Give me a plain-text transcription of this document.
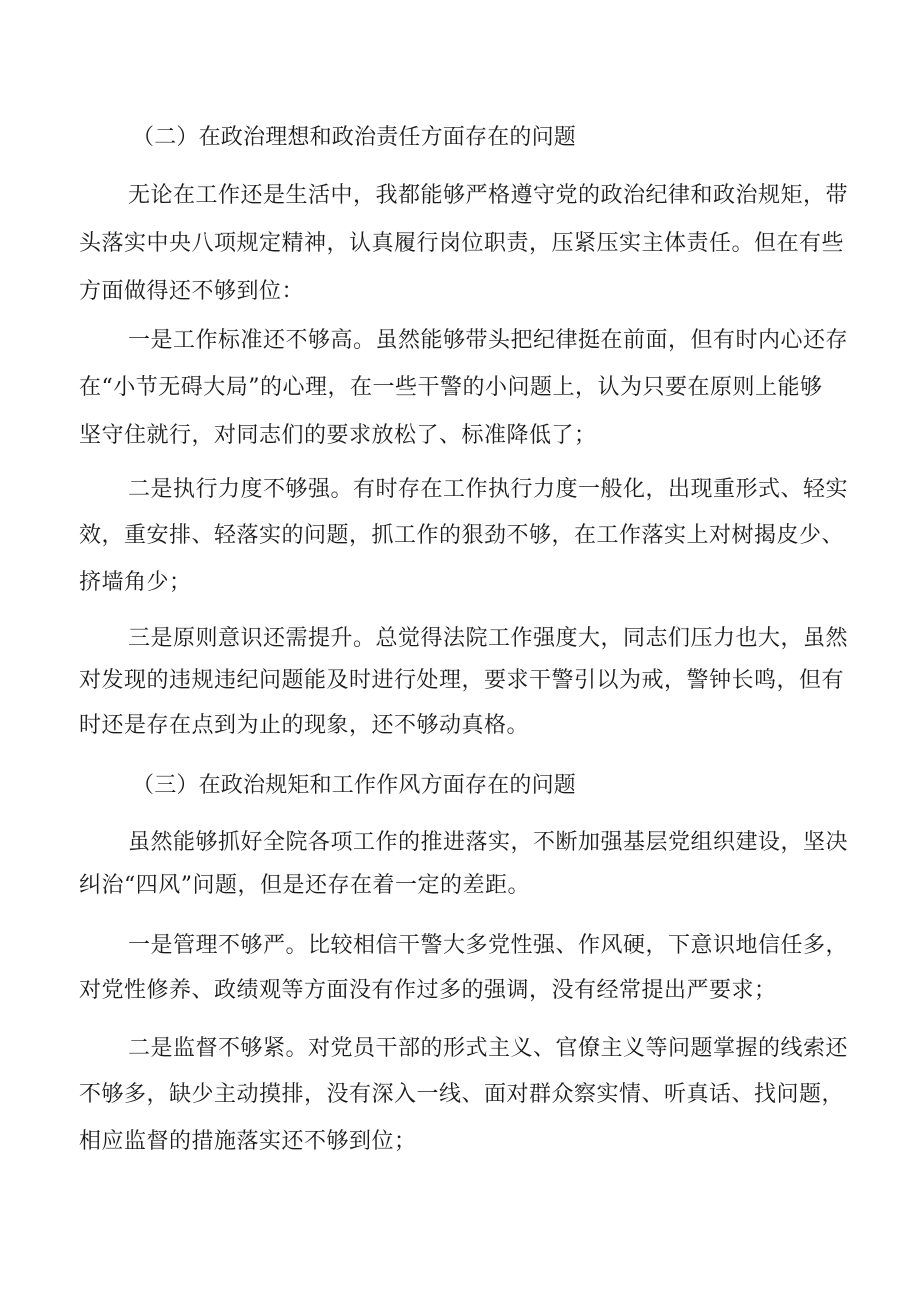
（二）在政治理想和政治责任方面存在的问题
无论在工作还是生活中，我都能够严格遵守党的政治纪律和政治规矩，带
头落实中央八项规定精神，认真履行岗位职责，压紧压实主体责任。但在有些
方面做得还不够到位：
一是工作标准还不够高。虽然能够带头把纪律挺在前面，但有时内心还存
在“小节无碍大局”的心理，在一些干警的小问题上，认为只要在原则上能够
坚守住就行，对同志们的要求放松了、标准降低了；
二是执行力度不够强。有时存在工作执行力度一般化，出现重形式、轻实
效，重安排、轻落实的问题，抓工作的狠劲不够，在工作落实上对树揭皮少、
挤墙角少；
三是原则意识还需提升。总觉得法院工作强度大，同志们压力也大，虽然
对发现的违规违纪问题能及时进行处理，要求干警引以为戒，警钟长鸣，但有
时还是存在点到为止的现象，还不够动真格。
（三）在政治规矩和工作作风方面存在的问题
虽然能够抓好全院各项工作的推进落实，不断加强基层党组织建设，坚决
纠治“四风”问题，但是还存在着一定的差距。
一是管理不够严。比较相信干警大多党性强、作风硬，下意识地信任多，
对党性修养、政绩观等方面没有作过多的强调，没有经常提出严要求；
二是监督不够紧。对党员干部的形式主义、官僚主义等问题掌握的线索还
不够多，缺少主动摸排，没有深入一线、面对群众察实情、听真话、找问题，
相应监督的措施落实还不够到位；
